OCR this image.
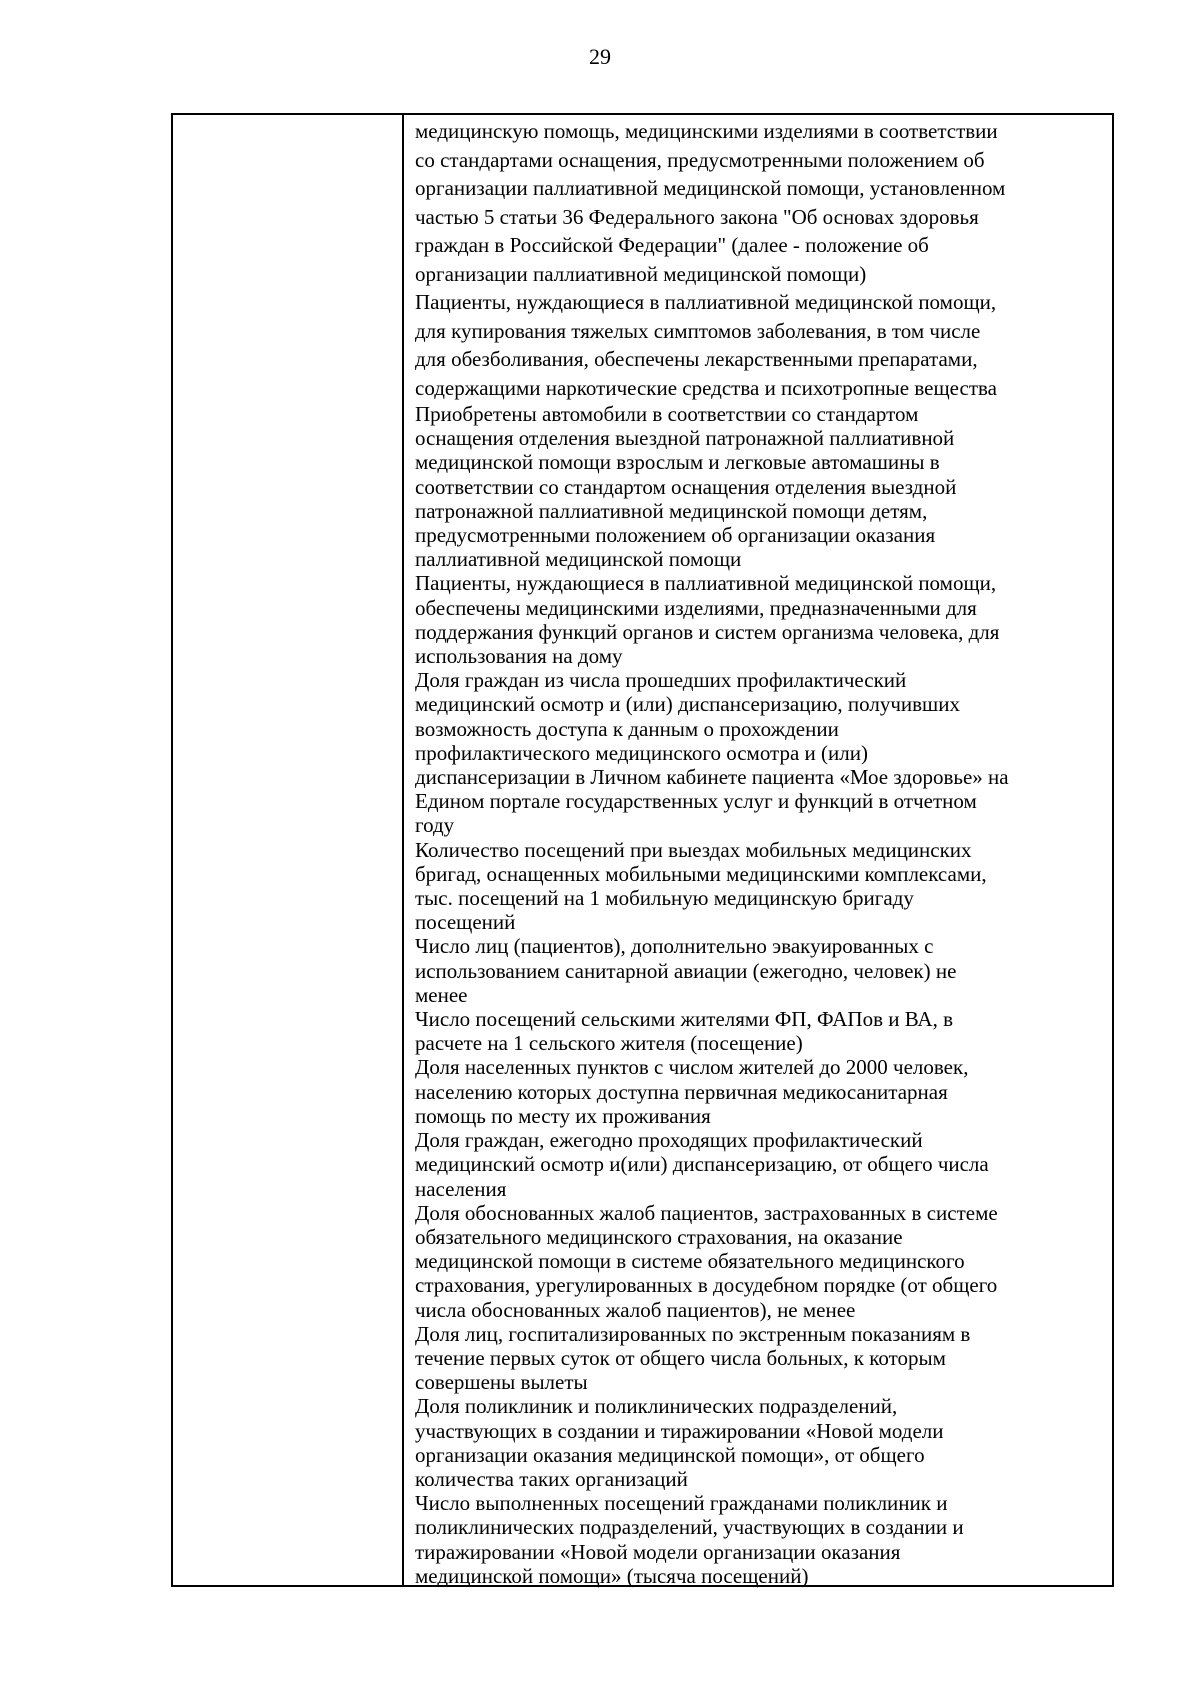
29
медицинскую помощь, медицинскими изделиями в соответствии
со стандартами оснащения, предусмотренными положением об
организации паллиативной медицинской помощи, установленном
частью 5 статьи 36 Федерального закона "Об основах здоровья
граждан в Российской Федерации" (далее - положение об
организации паллиативной медицинской помощи)
Пациенты, нуждающиеся в паллиативной медицинской помощи,
для купирования тяжелых симптомов заболевания, в том числе
для обезболивания, обеспечены лекарственными препаратами,
содержащими наркотические средства и психотропные вещества
Приобретены автомобили в соответствии со стандартом
оснащения отделения выездной патронажной паллиативной
медицинской помощи взрослым и легковые автомашины в
соответствии со стандартом оснащения отделения выездной
патронажной паллиативной медицинской помощи детям,
предусмотренными положением об организации оказания
паллиативной медицинской помощи
Пациенты, нуждающиеся в паллиативной медицинской помощи,
обеспечены медицинскими изделиями, предназначенными для
поддержания функций органов и систем организма человека, для
использования на дому
Доля граждан из числа прошедших профилактический
медицинский осмотр и (или) диспансеризацию, получивших
возможность доступа к данным о прохождении
профилактического медицинского осмотра и (или)
диспансеризации в Личном кабинете пациента «Мое здоровье» на
Едином портале государственных услуг и функций в отчетном
году
Количество посещений при выездах мобильных медицинских
бригад, оснащенных мобильными медицинскими комплексами,
тыс. посещений на 1 мобильную медицинскую бригаду
посещений
Число лиц (пациентов), дополнительно эвакуированных с
использованием санитарной авиации (ежегодно, человек) не
менее
Число посещений сельскими жителями ФП, ФАПов и ВА, в
расчете на 1 сельского жителя (посещение)
Доля населенных пунктов с числом жителей до 2000 человек,
населению которых доступна первичная медикосанитарная
помощь по месту их проживания
Доля граждан, ежегодно проходящих профилактический
медицинский осмотр и(или) диспансеризацию, от общего числа
населения
Доля обоснованных жалоб пациентов, застрахованных в системе
обязательного медицинского страхования, на оказание
медицинской помощи в системе обязательного медицинского
страхования, урегулированных в досудебном порядке (от общего
числа обоснованных жалоб пациентов), не менее
Доля лиц, госпитализированных по экстренным показаниям в
течение первых суток от общего числа больных, к которым
совершены вылеты
Доля поликлиник и поликлинических подразделений,
участвующих в создании и тиражировании «Новой модели
организации оказания медицинской помощи», от общего
количества таких организаций
Число выполненных посещений гражданами поликлиник и
поликлинических подразделений, участвующих в создании и
тиражировании «Новой модели организации оказания
медицинской помощи» (тысяча посещений)
